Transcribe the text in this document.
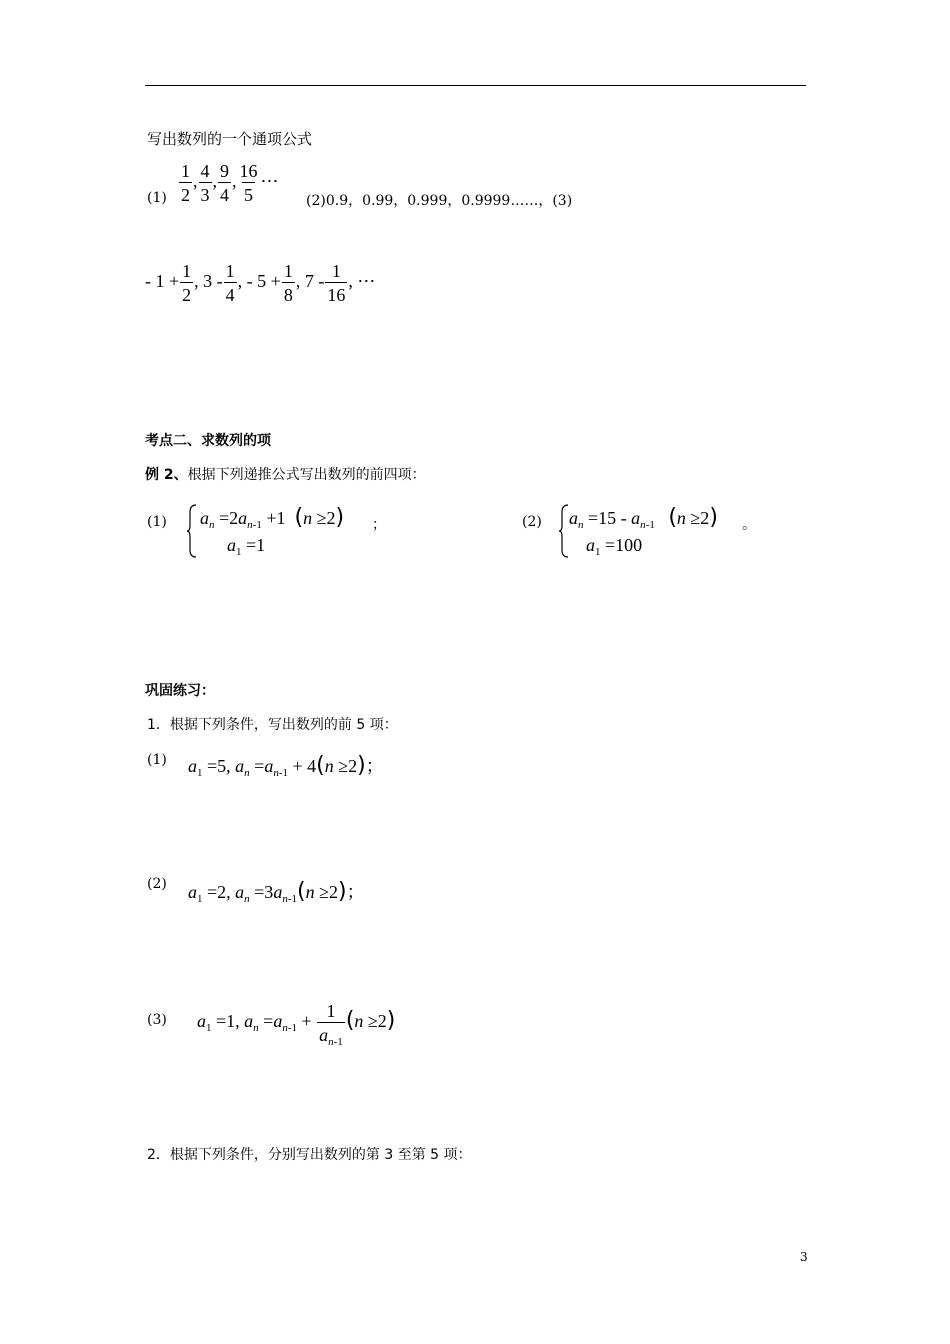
写出数列的一个通项公式
$(1) \frac{1}{2}$ , $\frac{4}{3}$ , $\frac{9}{4}$ , $\frac{16}{5}$ ⋯
(2)0.9，0.99，0.999，0.9999……，(3)
- $1 + \frac{1}{2}$ , $3 - \frac{1}{4}$ , - $5 + \frac{1}{8}$ , $7 - \frac{1}{16}$ , ⋯
考点二、求数列的项
例 2、根据下列递推公式写出数列的前四项：
(1) $a_n =2a_{n-1} +1$  (n ≥2)
$a_1 =1$
；	(2) $a_n =15 - a_{n-1}$ (n ≥2)
$a_1 =100$
。
巩固练习：
1．根据下列条件，写出数列的前 5 项：
(1) $a_1 =5$, $a_n =a_{n-1} + 4(n \ge 2)$；
(2) $a_1 =2$, $a_n =3a_{n-1}(n \ge 2)$；
(3) $a_1 =1$, $a_n =a_{n-1} + \frac{1}{a_{n-1}} (n \ge 2)$
2．根据下列条件，分别写出数列的第 3 至第 5 项：
3
